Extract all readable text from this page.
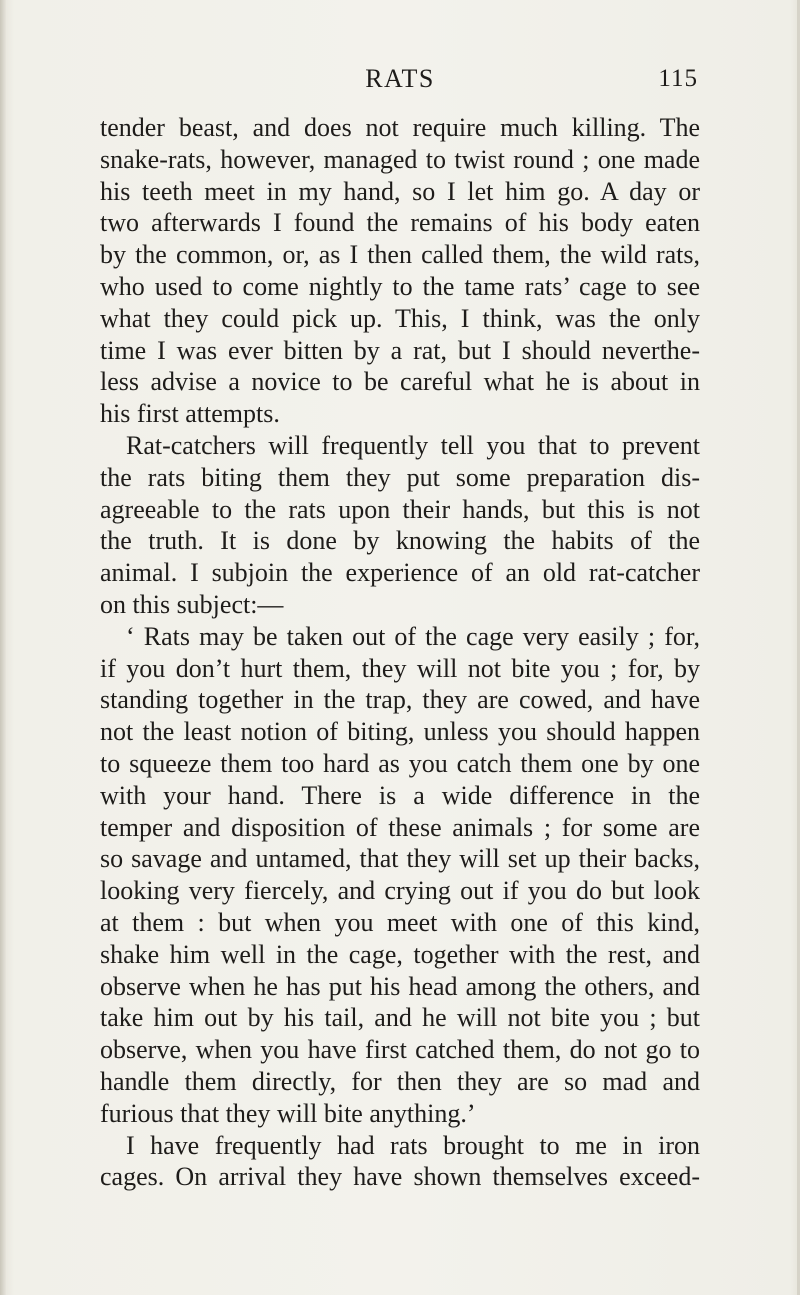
RATS	115
tender beast, and does not require much killing. The
snake-rats, however, managed to twist round ; one made
his teeth meet in my hand, so I let him go. A day or
two afterwards I found the remains of his body eaten
by the common, or, as I then called them, the wild rats,
who used to come nightly to the tame rats’ cage to see
what they could pick up. This, I think, was the only
time I was ever bitten by a rat, but I should neverthe-
less advise a novice to be careful what he is about in
his first attempts.
Rat-catchers will frequently tell you that to prevent
the rats biting them they put some preparation dis-
agreeable to the rats upon their hands, but this is not
the truth. It is done by knowing the habits of the
animal. I subjoin the experience of an old rat-catcher
on this subject:—
‘ Rats may be taken out of the cage very easily ; for,
if you don’t hurt them, they will not bite you ; for, by
standing together in the trap, they are cowed, and have
not the least notion of biting, unless you should happen
to squeeze them too hard as you catch them one by one
with your hand. There is a wide difference in the
temper and disposition of these animals ; for some are
so savage and untamed, that they will set up their backs,
looking very fiercely, and crying out if you do but look
at them : but when you meet with one of this kind,
shake him well in the cage, together with the rest, and
observe when he has put his head among the others, and
take him out by his tail, and he will not bite you ; but
observe, when you have first catched them, do not go to
handle them directly, for then they are so mad and
furious that they will bite anything.’
I have frequently had rats brought to me in iron
cages. On arrival they have shown themselves exceed-
